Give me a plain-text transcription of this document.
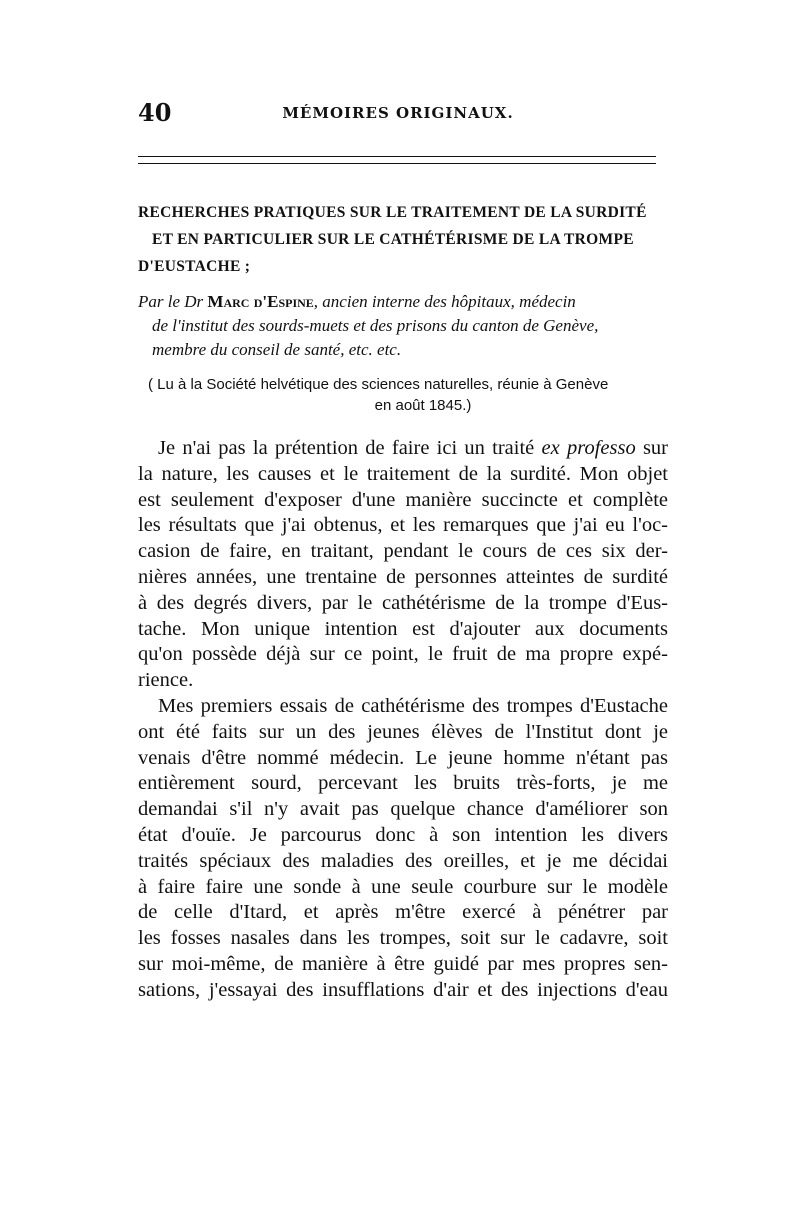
40	MÉMOIRES ORIGINAUX.
RECHERCHES PRATIQUES SUR LE TRAITEMENT DE LA SURDITÉ
ET EN PARTICULIER SUR LE CATHÉTÉRISME DE LA TROMPE
D'EUSTACHE ;
Par le Dr Marc d'Espine, ancien interne des hôpitaux, médecin
de l'institut des sourds-muets et des prisons du canton de Genève,
membre du conseil de santé, etc. etc.
( Lu à la Société helvétique des sciences naturelles, réunie à Genève
en août 1845.)
Je n'ai pas la prétention de faire ici un traité ex professo sur
la nature, les causes et le traitement de la surdité. Mon objet
est seulement d'exposer d'une manière succincte et complète
les résultats que j'ai obtenus, et les remarques que j'ai eu l'oc-
casion de faire, en traitant, pendant le cours de ces six der-
nières années, une trentaine de personnes atteintes de surdité
à des degrés divers, par le cathétérisme de la trompe d'Eus-
tache. Mon unique intention est d'ajouter aux documents
qu'on possède déjà sur ce point, le fruit de ma propre expé-
rience.
Mes premiers essais de cathétérisme des trompes d'Eustache
ont été faits sur un des jeunes élèves de l'Institut dont je
venais d'être nommé médecin. Le jeune homme n'étant pas
entièrement sourd, percevant les bruits très-forts, je me
demandai s'il n'y avait pas quelque chance d'améliorer son
état d'ouïe. Je parcourus donc à son intention les divers
traités spéciaux des maladies des oreilles, et je me décidai
à faire faire une sonde à une seule courbure sur le modèle
de celle d'Itard, et après m'être exercé à pénétrer par
les fosses nasales dans les trompes, soit sur le cadavre, soit
sur moi-même, de manière à être guidé par mes propres sen-
sations, j'essayai des insufflations d'air et des injections d'eau
